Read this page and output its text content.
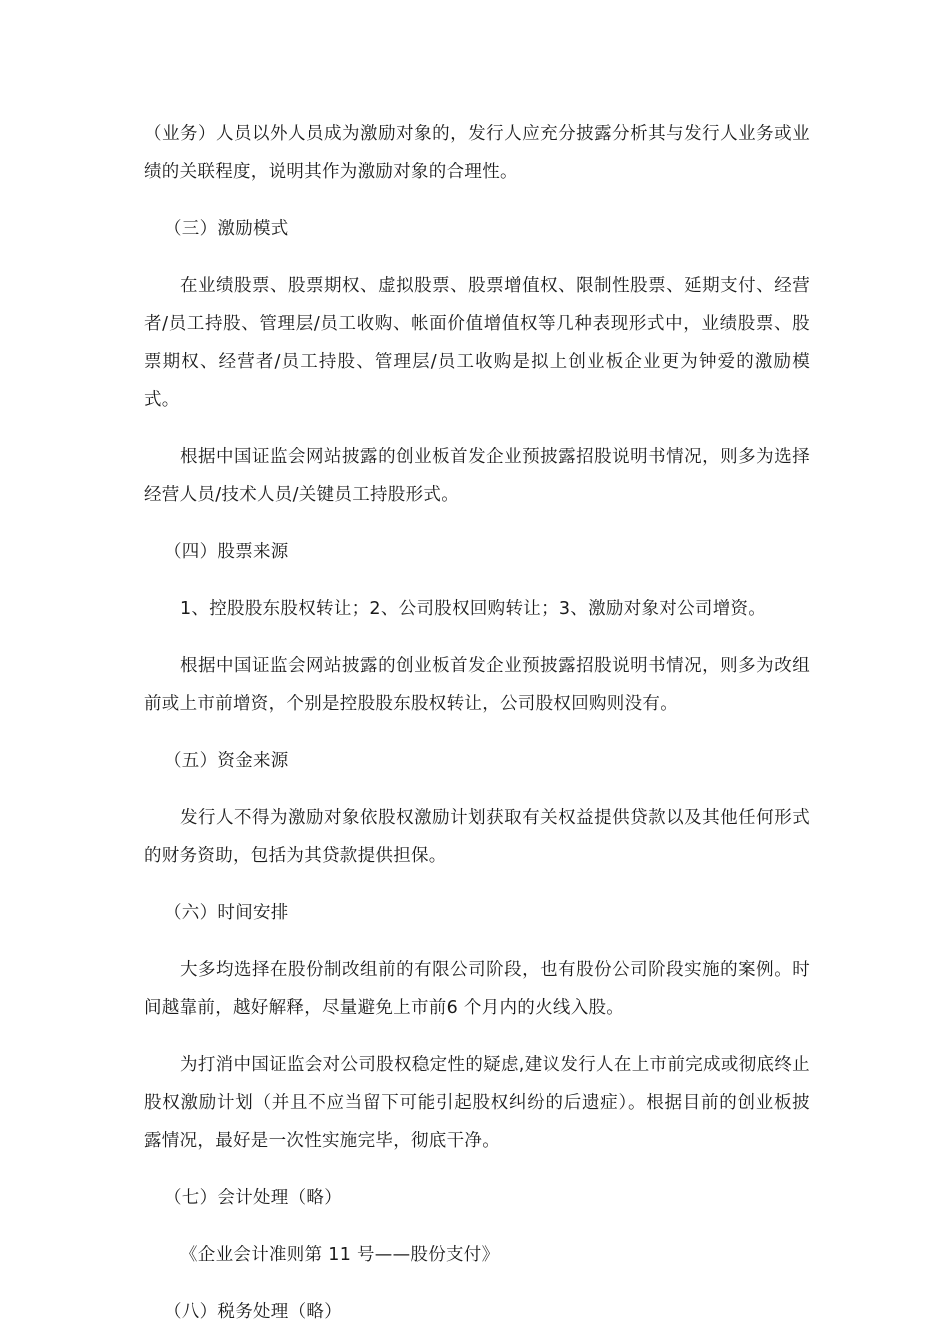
（业务）人员以外人员成为激励对象的，发行人应充分披露分析其与发行人业务或业绩的关联程度，说明其作为激励对象的合理性。

（三）激励模式

在业绩股票、股票期权、虚拟股票、股票增值权、限制性股票、延期支付、经营者/员工持股、管理层/员工收购、帐面价值增值权等几种表现形式中，业绩股票、股票期权、经营者/员工持股、管理层/员工收购是拟上创业板企业更为钟爱的激励模式。

根据中国证监会网站披露的创业板首发企业预披露招股说明书情况，则多为选择经营人员/技术人员/关键员工持股形式。

（四）股票来源

1、控股股东股权转让；2、公司股权回购转让；3、激励对象对公司增资。

根据中国证监会网站披露的创业板首发企业预披露招股说明书情况，则多为改组前或上市前增资，个别是控股股东股权转让，公司股权回购则没有。

（五）资金来源

发行人不得为激励对象依股权激励计划获取有关权益提供贷款以及其他任何形式的财务资助，包括为其贷款提供担保。

（六）时间安排

大多均选择在股份制改组前的有限公司阶段，也有股份公司阶段实施的案例。时间越靠前，越好解释，尽量避免上市前6 个月内的火线入股。

为打消中国证监会对公司股权稳定性的疑虑,建议发行人在上市前完成或彻底终止股权激励计划（并且不应当留下可能引起股权纠纷的后遗症）。根据目前的创业板披露情况，最好是一次性实施完毕，彻底干净。

（七）会计处理（略）

《企业会计准则第 11 号——股份支付》

（八）税务处理（略）
